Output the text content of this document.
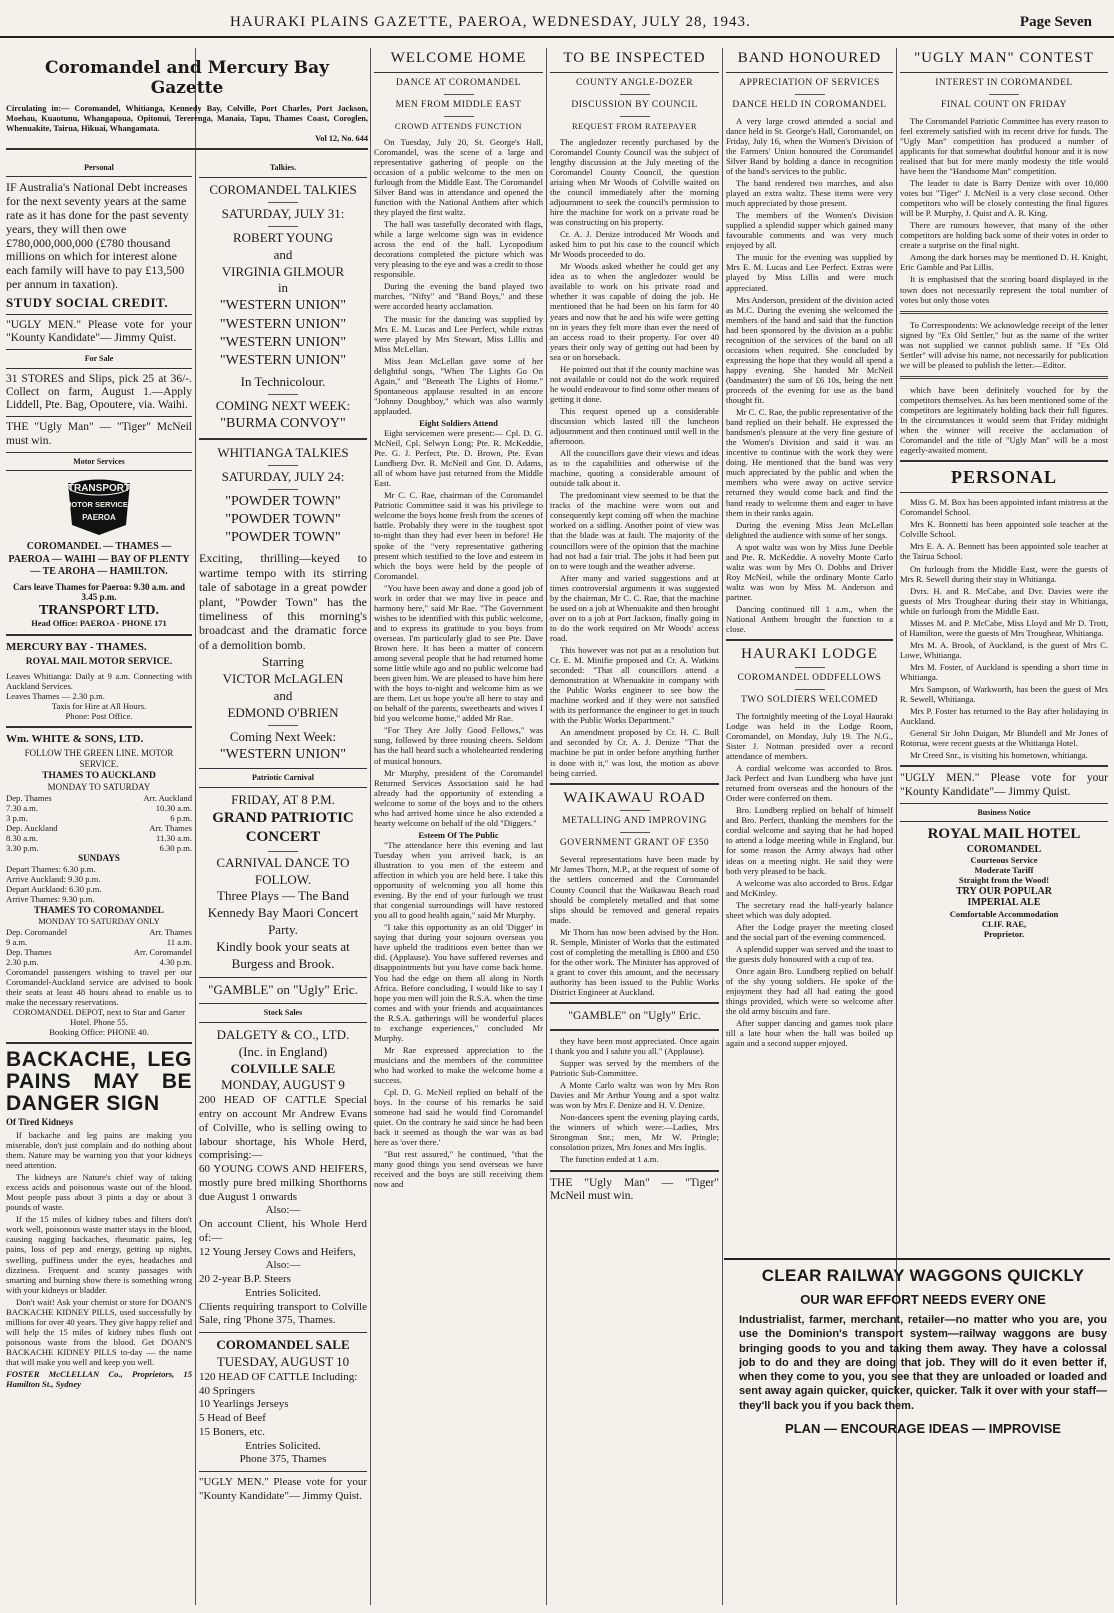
HAURAKI PLAINS GAZETTE, PAEROA, WEDNESDAY, JULY 28, 1943.	Page Seven
Coromandel and Mercury Bay Gazette
Circulating in:— Coromandel, Whitianga, Kennedy Bay, Colville, Port Charles, Port Jackson, Moehau, Kuaotunu, Whangapoua, Opitonui, Tererenga, Manaia, Tapu, Thames Coast, Coroglen, Whenuakite, Tairua, Hikuai, Whangamata.
Vol 12, No. 644
Personal
IF Australia's National Debt increases for the next seventy years at the same rate as it has done for the past seventy years, they will then owe £780,000,000,000 (£780 thousand millions on which for interest alone each family will have to pay £13,500 per annum in taxation).
STUDY SOCIAL CREDIT.
"UGLY MEN." Please vote for your "Kounty Kandidate"— Jimmy Quist.
For Sale
31 STORES and Slips, pick 25 at 36/-. Collect on farm, August 1.—Apply Liddell, Pte. Bag, Opoutere, via. Waihi.
THE "Ugly Man" — "Tiger" McNeil must win.
Motor Services
TRANSPORT
MOTOR SERVICES
PAEROA
COROMANDEL — THAMES — PAEROA — WAIHI — BAY OF PLENTY — TE AROHA — HAMILTON.
Cars leave Thames for Paeroa: 9.30 a.m. and 3.45 p.m.
TRANSPORT LTD.
Head Office: PAEROA - PHONE 171
MERCURY BAY - THAMES.
ROYAL MAIL MOTOR SERVICE.
Leaves Whitianga: Daily at 9 a.m. Connecting with Auckland Services.
Leaves Thames — 2.30 p.m.
Taxis for Hire at All Hours.
Phone: Post Office.
Wm. WHITE & SONS, LTD.
FOLLOW THE GREEN LINE. MOTOR SERVICE.
THAMES TO AUCKLAND
MONDAY TO SATURDAY
Dep. Thames	Arr. Auckland
7.30 a.m.	10.30 a.m.
3 p.m.	6 p.m.
Dep. Auckland	Arr. Thames
8.30 a.m.	11.30 a.m.
3.30 p.m.	6.30 p.m.
SUNDAYS
Depart Thames: 6.30 p.m.
Arrive Auckland: 9.30 p.m.
Depart Auckland: 6.30 p.m.
Arrive Thames: 9.30 p.m.
THAMES TO COROMANDEL
MONDAY TO SATURDAY ONLY
Dep. Coromandel	Arr. Thames
9 a.m.	11 a.m.
Dep. Thames	Arr. Coromandel
2.30 p.m.	4.30 p.m.
Coromandel passengers wishing to travel per our Coromandel-Auckland service are advised to book their seats at least 48 hours ahead to enable us to make the necessary reservations.
COROMANDEL DEPOT, next to Star and Garter Hotel. Phone 55.
Booking Office: PHONE 40.
BACKACHE, LEG PAINS MAY BE DANGER SIGN
Of Tired Kidneys
If backache and leg pains are making you miserable, don't just complain and do nothing about them. Nature may be warning you that your kidneys need attention.
The kidneys are Nature's chief way of taking excess acids and poisonous waste out of the blood. Most people pass about 3 pints a day or about 3 pounds of waste.
If the 15 miles of kidney tubes and filters don't work well, poisonous waste matter stays in the blood, causing nagging backaches, rheumatic pains, leg pains, loss of pep and energy, getting up nights, swelling, puffiness under the eyes, headaches and dizziness. Frequent and scanty passages with smarting and burning show there is something wrong with your kidneys or bladder.
Don't wait! Ask your chemist or store for DOAN'S BACKACHE KIDNEY PILLS, used successfully by millions for over 40 years. They give happy relief and will help the 15 miles of kidney tubes flush out poisonous waste from the blood. Get DOAN'S BACKACHE KIDNEY PILLS to-day — the name that will make you well and keep you well.
FOSTER McCLELLAN Co., Proprietors, 15 Hamilton St., Sydney
Talkies.
COROMANDEL TALKIES
SATURDAY, JULY 31:
ROBERT YOUNG
and
VIRGINIA GILMOUR
in
"WESTERN UNION"
"WESTERN UNION"
"WESTERN UNION"
"WESTERN UNION"
In Technicolour.
COMING NEXT WEEK:
"BURMA CONVOY"
WHITIANGA TALKIES
SATURDAY, JULY 24:
"POWDER TOWN"
"POWDER TOWN"
"POWDER TOWN"
Exciting, thrilling—keyed to wartime tempo with its stirring tale of sabotage in a great powder plant, "Powder Town" has the timeliness of this morning's broadcast and the dramatic force of a demolition bomb.
Starring
VICTOR McLAGLEN
and
EDMOND O'BRIEN
Coming Next Week:
"WESTERN UNION"
Patriotic Carnival
FRIDAY, AT 8 P.M.
GRAND PATRIOTIC CONCERT
CARNIVAL DANCE TO FOLLOW.
Three Plays — The Band Kennedy Bay Maori Concert Party.
Kindly book your seats at Burgess and Brook.
"GAMBLE" on "Ugly" Eric.
Stock Sales
DALGETY & CO., LTD.
(Inc. in England)
COLVILLE SALE
MONDAY, AUGUST 9
200 HEAD OF CATTLE Special entry on account Mr Andrew Evans of Colville, who is selling owing to labour shortage, his Whole Herd, comprising:—
60 YOUNG COWS AND HEIFERS, mostly pure bred milking Shorthorns due August 1 onwards
Also:—
On account Client, his Whole Herd of:—
12 Young Jersey Cows and Heifers,
Also:—
20 2-year B.P. Steers
Entries Solicited.
Clients requiring transport to Colville Sale, ring 'Phone 375, Thames.
COROMANDEL SALE
TUESDAY, AUGUST 10
120 HEAD OF CATTLE Including:
40 Springers
10 Yearlings Jerseys
5 Head of Beef
15 Boners, etc.
Entries Solicited.
Phone 375, Thames
"UGLY MEN." Please vote for your "Kounty Kandidate"— Jimmy Quist.
WELCOME HOME
DANCE AT COROMANDEL
MEN FROM MIDDLE EAST
CROWD ATTENDS FUNCTION
On Tuesday, July 20, St. George's Hall, Coromandel, was the scene of a large and representative gathering of people on the occasion of a public welcome to the men on furlough from the Middle East. The Coromandel Silver Band was in attendance and opened the function with the National Anthem after which they played the first waltz.
The hall was tastefully decorated with flags, while a large welcome sign was in evidence across the end of the hall. Lycopodium decorations completed the picture which was very pleasing to the eye and was a credit to those responsible.
During the evening the band played two marches, "Nifty" and "Band Boys," and these were accorded hearty acclamation.
The music for the dancing was supplied by Mrs E. M. Lucas and Lee Perfect, while extras were played by Mrs Stewart, Miss Lillis and Miss McLellan.
Miss Jean McLellan gave some of her delightful songs, "When The Lights Go On Again," and "Beneath The Lights of Home." Spontaneous applause resulted in an encore "Johnny Doughboy," which was also warmly applauded.
Eight Soldiers Attend
Eight servicemen were present:— Cpl. D. G. McNeil, Cpl. Selwyn Long; Pte. R. McKeddie, Pte. G. J. Perfect, Pte. D. Brown, Pte. Evan Lundberg Dvr. R. McNeil and Gnr. D. Adams, all of whom have just returned from the Middle East.
Mr C. C. Rae, chairman of the Coromandel Patriotic Committee said it was his privilege to welcome the boys home fresh from the scenes of battle. Probably they were in the toughest spot to-night than they had ever been in before! He spoke of the "very representative gathering present which testified to the love and esteem in which the boys were held by the people of Coromandel.
"You have been away and done a good job of work in order that we may live in peace and harmony here," said Mr Rae. "The Government wishes to be identified with this public welcome, and to express its gratitude to you boys from overseas. I'm particularly glad to see Pte. Dave Brown here. It has been a matter of concern among several people that he had returned home some little while ago and no public welcome had been given him. We are pleased to have him here with the boys to-night and welcome him as we are them. Let us hope you're all here to stay and on behalf of the parents, sweethearts and wives I bid you welcome home," added Mr Rae.
"For They Are Jolly Good Fellows," was sung, followed by three rousing cheers. Seldom has the hall heard such a wholehearted rendering of musical honours.
Mr Murphy, president of the Coromandel Returned Services Association said he had already had the opportunity of extending a welcome to some of the boys and to the others who had arrived home since he also extended a hearty welcome on behalf of the old "Diggers."
Esteem Of The Public
"The attendance here this evening and last Tuesday when you arrived back, is an illustration to you men of the esteem and affection in which you are held here. I take this opportunity of welcoming you all home this evening. By the end of your furlough we trust that congenial surroundings will have restored you all to good health again," said Mr Murphy.
"I take this opportunity as an old 'Digger' in saying that during your sojourn overseas you have upheld the traditions even better than we did. (Applause). You have suffered reverses and disappointments but you have come back home. You had the edge on them all along in North Africa. Before concluding, I would like to say I hope you men will join the R.S.A. when the time comes and with your friends and acquaintances the R.S.A. gatherings will be wonderful places to exchange experiences," concluded Mr Murphy.
Mr Rae expressed appreciation to the musicians and the members of the committee who had worked to make the welcome home a success.
Cpl. D. G. McNeil replied on behalf of the boys. In the course of his remarks he said someone had said he would find Coromandel quiet. On the contrary he said since he had been back it seemed as though the war was as bad here as 'over there.'
"But rest assured," he continued, "that the many good things you send overseas we have received and the boys are still receiving them now and
TO BE INSPECTED
COUNTY ANGLE-DOZER
DISCUSSION BY COUNCIL
REQUEST FROM RATEPAYER
The angledozer recently purchased by the Coromandel County Council was the subject of lengthy discussion at the July meeting of the Coromandel County Council, the question arising when Mr Woods of Colville waited on the council immediately after the morning adjournment to seek the council's permission to hire the machine for work on a private road he was constructing on his property.
Cr. A. J. Denize introduced Mr Woods and asked him to put his case to the council which Mr Woods proceeded to do.
Mr Woods asked whether he could get any idea as to when the angledozer would be available to work on his private road and whether it was capable of doing the job. He mentioned that he had been on his farm for 40 years and now that he and his wife were getting on in years they felt more than ever the need of an access road to their property. For over 40 years their only way of getting out had been by sea or on horseback.
He pointed out that if the county machine was not available or could not do the work required he would endeavour to find some other means of getting it done.
This request opened up a considerable discussion which lasted till the luncheon adjournment and then continued until well in the afternoon.
All the councillors gave their views and ideas as to the capabilities and otherwise of the machine, quoting a considerable amount of outside talk about it.
The predominant view seemed to be that the tracks of the machine were worn out and consequently kept coming off when the machine worked on a sidling. Another point of view was that the blade was at fault. The majority of the councillors were of the opinion that the machine had not had a fair trial. The jobs it had been put on to were tough and the weather adverse.
After many and varied suggestions and at times controversial arguments it was suggested by the chairman, Mr C. C. Rae, that the machine be used on a job at Whenuakite and then brought over on to a job at Port Jackson, finally going in to do the work required on Mr Woods' access road.
This however was not put as a resolution but Cr. E. M. Minifie proposed and Cr. A. Watkins seconded: "That all councillors attend a demonstration at Whenuakite in company with the Public Works engineer to see how the machine worked and if they were not satisfied with its performance the engineer to get in touch with the Public Works Department."
An amendment proposed by Cr. H. C. Bull and seconded by Cr. A. J. Denize "That the machine be put in order before anything further is done with it," was lost, the motion as above being carried.
WAIKAWAU ROAD
METALLING AND IMPROVING
GOVERNMENT GRANT OF £350
Several representations have been made by Mr James Thorn, M.P., at the request of some of the settlers concerned and the Coromandel County Council that the Waikawau Beach road should be completely metalled and that some slips should be removed and general repairs made.
Mr Thorn has now been advised by the Hon. R. Semple, Minister of Works that the estimated cost of completing the metalling is £800 and £50 for the other work. The Minister has approved of a grant to cover this amount, and the necessary authority has been issued to the Public Works District Engineer at Auckland.
"GAMBLE" on "Ugly" Eric.
they have been most appreciated. Once again I thank you and I salute you all." (Applause).
Supper was served by the members of the Patriotic Sub-Committee.
A Monte Carlo waltz was won by Mrs Ron Davies and Mr Arthur Young and a spot waltz was won by Mrs F. Denize and H. V. Denize.
Non-dancers spent the evening playing cards, the winners of which were:—Ladies, Mrs Strongman Snr.; men, Mr W. Pringle; consolation prizes, Mrs Jones and Mrs Inglis.
The function ended at 1 a.m.
THE "Ugly Man" — "Tiger" McNeil must win.
BAND HONOURED
APPRECIATION OF SERVICES
DANCE HELD IN COROMANDEL
A very large crowd attended a social and dance held in St. George's Hall, Coromandel, on Friday, July 16, when the Women's Division of the Farmers' Union honoured the Coromandel Silver Band by holding a dance in recognition of the band's services to the public.
The band rendered two marches, and also played an extra waltz. These items were very much appreciated by those present.
The members of the Women's Division supplied a splendid supper which gained many favourable comments and was very much enjoyed by all.
The music for the evening was supplied by Mrs E. M. Lucas and Lee Perfect. Extras were played by Miss Lillis and were much appreciated.
Mrs Anderson, president of the division acted as M.C. During the evening she welcomed the members of the band and said that the function had been sponsored by the division as a public recognition of the services of the band on all occasions when required. She concluded by expressing the hope that they would all spend a happy evening. She handed Mr McNeil (bandmaster) the sum of £6 10s, being the nett proceeds of the evening for use as the band thought fit.
Mr C. C. Rae, the public representative of the band replied on their behalf. He expressed the bandsmen's pleasure at the very fine gesture of the Women's Division and said it was an incentive to continue with the work they were doing. He mentioned that the band was very much appreciated by the public and when the members who were away on active service returned they would come back and find the band ready to welcome them and eager to have them in their ranks again.
During the evening Miss Jean McLellan delighted the audience with some of her songs.
A spot waltz was won by Miss June Deeble and Pte. R. McKeddie. A novelty Monte Carlo waltz was won by Mrs O. Dobbs and Driver Roy McNeil, while the ordinary Monte Carlo waltz was won by Miss M. Anderson and partner.
Dancing continued till 1 a.m., when the National Anthem brought the function to a close.
HAURAKI LODGE
COROMANDEL ODDFELLOWS
TWO SOLDIERS WELCOMED
The fortnightly meeting of the Loyal Hauraki Lodge was held in the Lodge Room, Coromandel, on Monday, July 19. The N.G., Sister J. Notman presided over a record attendance of members.
A cordial welcome was accorded to Bros. Jack Perfect and Ivan Lundberg who have just returned from overseas and the honours of the Order were conferred on them.
Bro. Lundberg replied on behalf of himself and Bro. Perfect, thanking the members for the cordial welcome and saying that he had hoped to attend a lodge meeting while in England, but for some reason the Army always had other ideas on a meeting night. He said they were both very pleased to be back.
A welcome was also accorded to Bros. Edgar and McKinley.
The secretary read the half-yearly balance sheet which was duly adopted.
After the Lodge prayer the meeting closed and the social part of the evening commenced.
A splendid supper was served and the toast to the guests duly honoured with a cup of tea.
Once again Bro. Lundberg replied on behalf of the shy young soldiers. He spoke of the enjoyment they had all had eating the good things provided, which were so welcome after the old army biscuits and fare.
After supper dancing and games took place till a late hour when the hall was boiled up again and a second supper enjoyed.
"UGLY MAN" CONTEST
INTEREST IN COROMANDEL
FINAL COUNT ON FRIDAY
The Coromandel Patriotic Committee has every reason to feel extremely satisfied with its recent drive for funds. The "Ugly Man" competition has produced a number of applicants for that somewhat doubtful honour and it is now realised that but for mere manly modesty the title would have been the "Handsome Man" competition.
The leader to date is Barry Denize with over 10,000 votes but "Tiger" J. McNeil is a very close second. Other competitors who will be closely contesting the final figures will be P. Murphy, J. Quist and A. R. King.
There are rumours however, that many of the other competitors are holding back some of their votes in order to create a surprise on the final night.
Among the dark horses may be mentioned D. H. Knight, Eric Gamble and Pat Lillis.
It is emphasised that the scoring board displayed in the town does not necessarily represent the total number of votes but only those votes
To Correspondents: We acknowledge receipt of the letter signed by "Ex Old Settler," but as the name of the writer was not supplied we cannot publish same. If "Ex Old Settler" will advise his name, not necessarily for publication we will be pleased to publish the letter.—Editor.
which have been definitely vouched for by the competitors themselves. As has been mentioned some of the competitors are legitimately holding back their full figures. In the circumstances it would seem that Friday midnight when the winner will receive the acclamation of Coromandel and the title of "Ugly Man" will be a most eagerly-awaited moment.
PERSONAL
Miss G. M. Box has been appointed infant mistress at the Coromandel School.
Mrs K. Bonnetti has been appointed sole teacher at the Colville School.
Mrs E. A. A. Bennett has been appointed sole teacher at the Tairua School.
On furlough from the Middle East, were the guests of Mrs R. Sewell during their stay in Whitianga.
Dvrs. H. and R. McCabe, and Dvr. Davies were the guests of Mrs Troughear during their stay in Whitianga, while on furlough from the Middle East.
Misses M. and P. McCabe, Miss Lloyd and Mr D. Trott, of Hamilton, were the guests of Mrs Troughear, Whitianga.
Mrs M. A. Brook, of Auckland, is the guest of Mrs C. Lowe, Whitianga.
Mrs M. Foster, of Auckland is spending a short time in Whitianga.
Mrs Sampson, of Warkworth, has been the guest of Mrs R. Sewell, Whitianga.
Mrs P. Foster has returned to the Bay after holidaying in Auckland.
General Sir John Duigan, Mr Blundell and Mr Jones of Rotorua, were recent guests at the Whitianga Hotel.
Mr Creed Snr., is visiting his hometown, whitianga.
"UGLY MEN." Please vote for your "Kounty Kandidate"— Jimmy Quist.
Business Notice
ROYAL MAIL HOTEL
COROMANDEL
Courteous Service
Moderate Tariff
Straight from the Wood!
TRY OUR POPULAR
IMPERIAL ALE
Comfortable Accommodation
CLIF. RAE,
Proprietor.
CLEAR RAILWAY WAGGONS QUICKLY
OUR WAR EFFORT NEEDS EVERY ONE
Industrialist, farmer, merchant, retailer—no matter who you are, you use the Dominion's transport system—railway waggons are busy bringing goods to you and taking them away. They have a colossal job to do and they are doing that job. They will do it even better if, when they come to you, you see that they are unloaded or loaded and sent away again quicker, quicker, quicker. Talk it over with your staff—they'll back you if you back them.
PLAN — ENCOURAGE IDEAS — IMPROVISE
